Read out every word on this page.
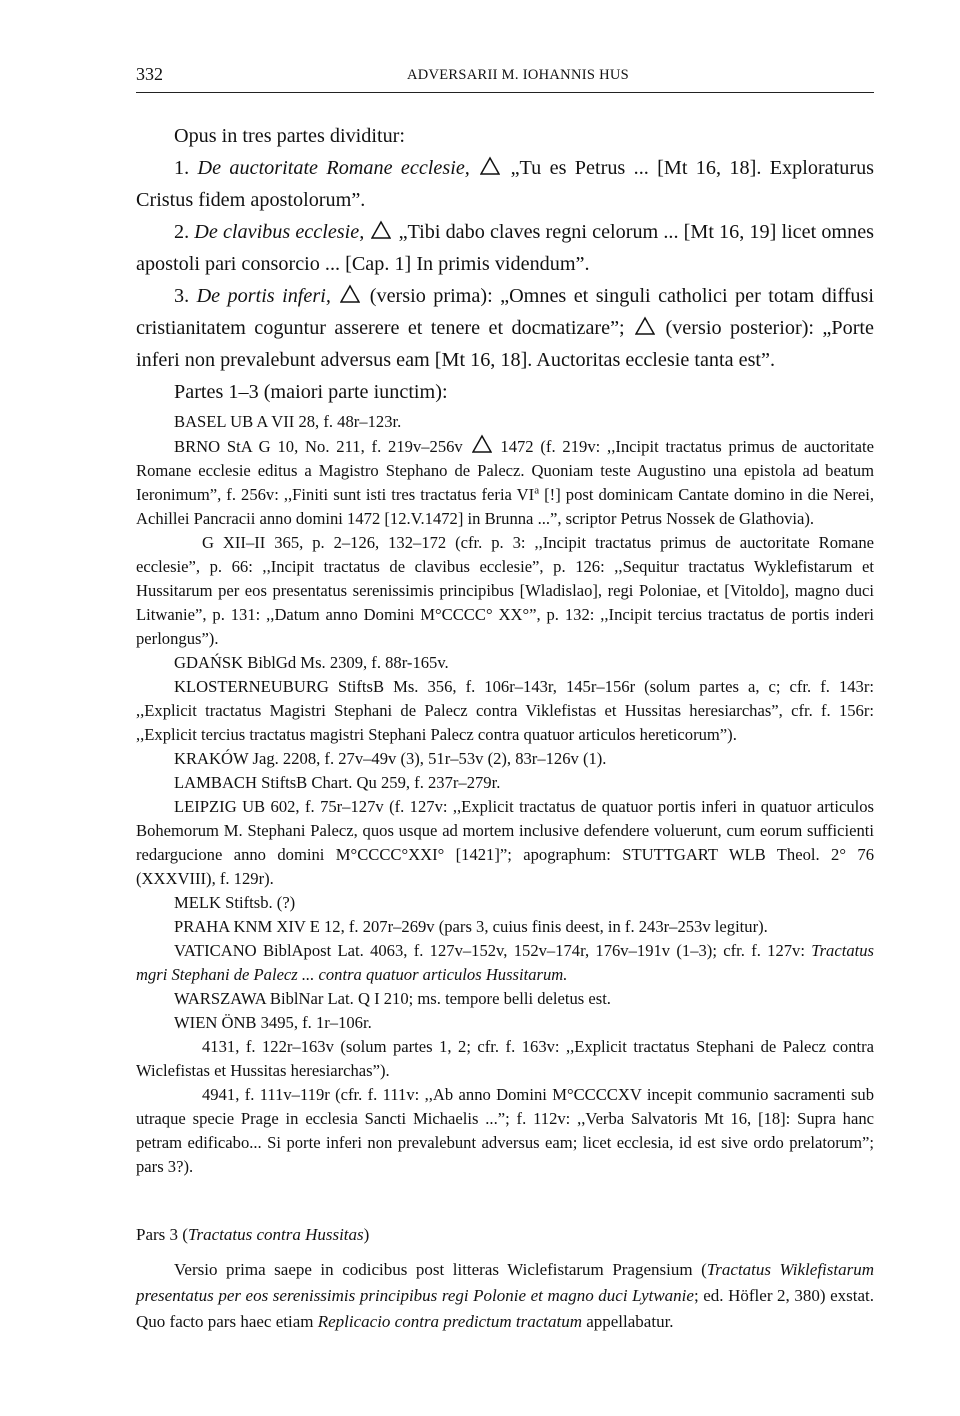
332	ADVERSARII M. IOHANNIS HUS

Opus in tres partes dividitur:

1. De auctoritate Romane ecclesie, „Tu es Petrus ... [Mt 16, 18]. Exploraturus Cristus fidem apostolorum”.

2. De clavibus ecclesie, „Tibi dabo claves regni celorum ... [Mt 16, 19] licet omnes apostoli pari consorcio ... [Cap. 1] In primis videndum”.

3. De portis inferi, (versio prima): „Omnes et singuli catholici per totam diffusi cristianitatem coguntur asserere et tenere et docmatizare”; (versio posterior): „Porte inferi non prevalebunt adversus eam [Mt 16, 18]. Auctoritas ecclesie tanta est”.

Partes 1–3 (maiori parte iunctim):

BASEL UB A VII 28, f. 48r–123r.

BRNO StA G 10, No. 211, f. 219v–256v 1472 (f. 219v: ,,Incipit tractatus primus de auctoritate Romane ecclesie editus a Magistro Stephano de Palecz. Quoniam teste Augustino una epistola ad beatum Ieronimum”, f. 256v: ,,Finiti sunt isti tres tractatus feria $VI^a$ [!] post dominicam Cantate domino in die Nerei, Achillei Pancracii anno domini 1472 [12.V.1472] in Brunna ...”, scriptor Petrus Nossek de Glathovia).

G XII–II 365, p. 2–126, 132–172 (cfr. p. 3: ,,Incipit tractatus primus de auctoritate Romane ecclesie”, p. 66: ,,Incipit tractatus de clavibus ecclesie”, p. 126: ,,Sequitur tractatus Wyklefistarum et Hussitarum per eos presentatus serenissimis principibus [Wladislao], regi Poloniae, et [Vitoldo], magno duci Litwanie”, p. 131: ,,Datum anno Domini M°CCCC° XX°”, p. 132: ,,Incipit tercius tractatus de portis inderi perlongus”).

GDAŃSK BiblGd Ms. 2309, f. 88r-165v.

KLOSTERNEUBURG StiftsB Ms. 356, f. 106r–143r, 145r–156r (solum partes a, c; cfr. f. 143r: ,,Explicit tractatus Magistri Stephani de Palecz contra Viklefistas et Hussitas heresiarchas”, cfr. f. 156r: ,,Explicit tercius tractatus magistri Stephani Palecz contra quatuor articulos hereticorum”).

KRAKÓW Jag. 2208, f. 27v–49v (3), 51r–53v (2), 83r–126v (1).

LAMBACH StiftsB Chart. Qu 259, f. 237r–279r.

LEIPZIG UB 602, f. 75r–127v (f. 127v: ,,Explicit tractatus de quatuor portis inferi in quatuor articulos Bohemorum M. Stephani Palecz, quos usque ad mortem inclusive defendere voluerunt, cum eorum sufficienti redargucione anno domini M°CCCC°XXI° [1421]”; apographum: STUTTGART WLB Theol. 2° 76 (XXXVIII), f. 129r).

MELK Stiftsb. (?)

PRAHA KNM XIV E 12, f. 207r–269v (pars 3, cuius finis deest, in f. 243r–253v legitur).

VATICANO BiblApost Lat. 4063, f. 127v–152v, 152v–174r, 176v–191v (1–3); cfr. f. 127v: Tractatus mgri Stephani de Palecz ... contra quatuor articulos Hussitarum.

WARSZAWA BiblNar Lat. Q I 210; ms. tempore belli deletus est.

WIEN ÖNB 3495, f. 1r–106r.

4131, f. 122r–163v (solum partes 1, 2; cfr. f. 163v: ,,Explicit tractatus Stephani de Palecz contra Wiclefistas et Hussitas heresiarchas”).

4941, f. 111v–119r (cfr. f. 111v: ,,Ab anno Domini M°CCCCXV incepit communio sacramenti sub utraque specie Prage in ecclesia Sancti Michaelis ...”; f. 112v: ,,Verba Salvatoris Mt 16, [18]: Supra hanc petram edificabo... Si porte inferi non prevalebunt adversus eam; licet ecclesia, id est sive ordo prelatorum”; pars 3?).

Pars 3 (Tractatus contra Hussitas)

Versio prima saepe in codicibus post litteras Wiclefistarum Pragensium (Tractatus Wiklefistarum presentatus per eos serenissimis principibus regi Polonie et magno duci Lytwanie; ed. Höfler 2, 380) exstat. Quo facto pars haec etiam Replicacio contra predictum tractatum appellabatur.
